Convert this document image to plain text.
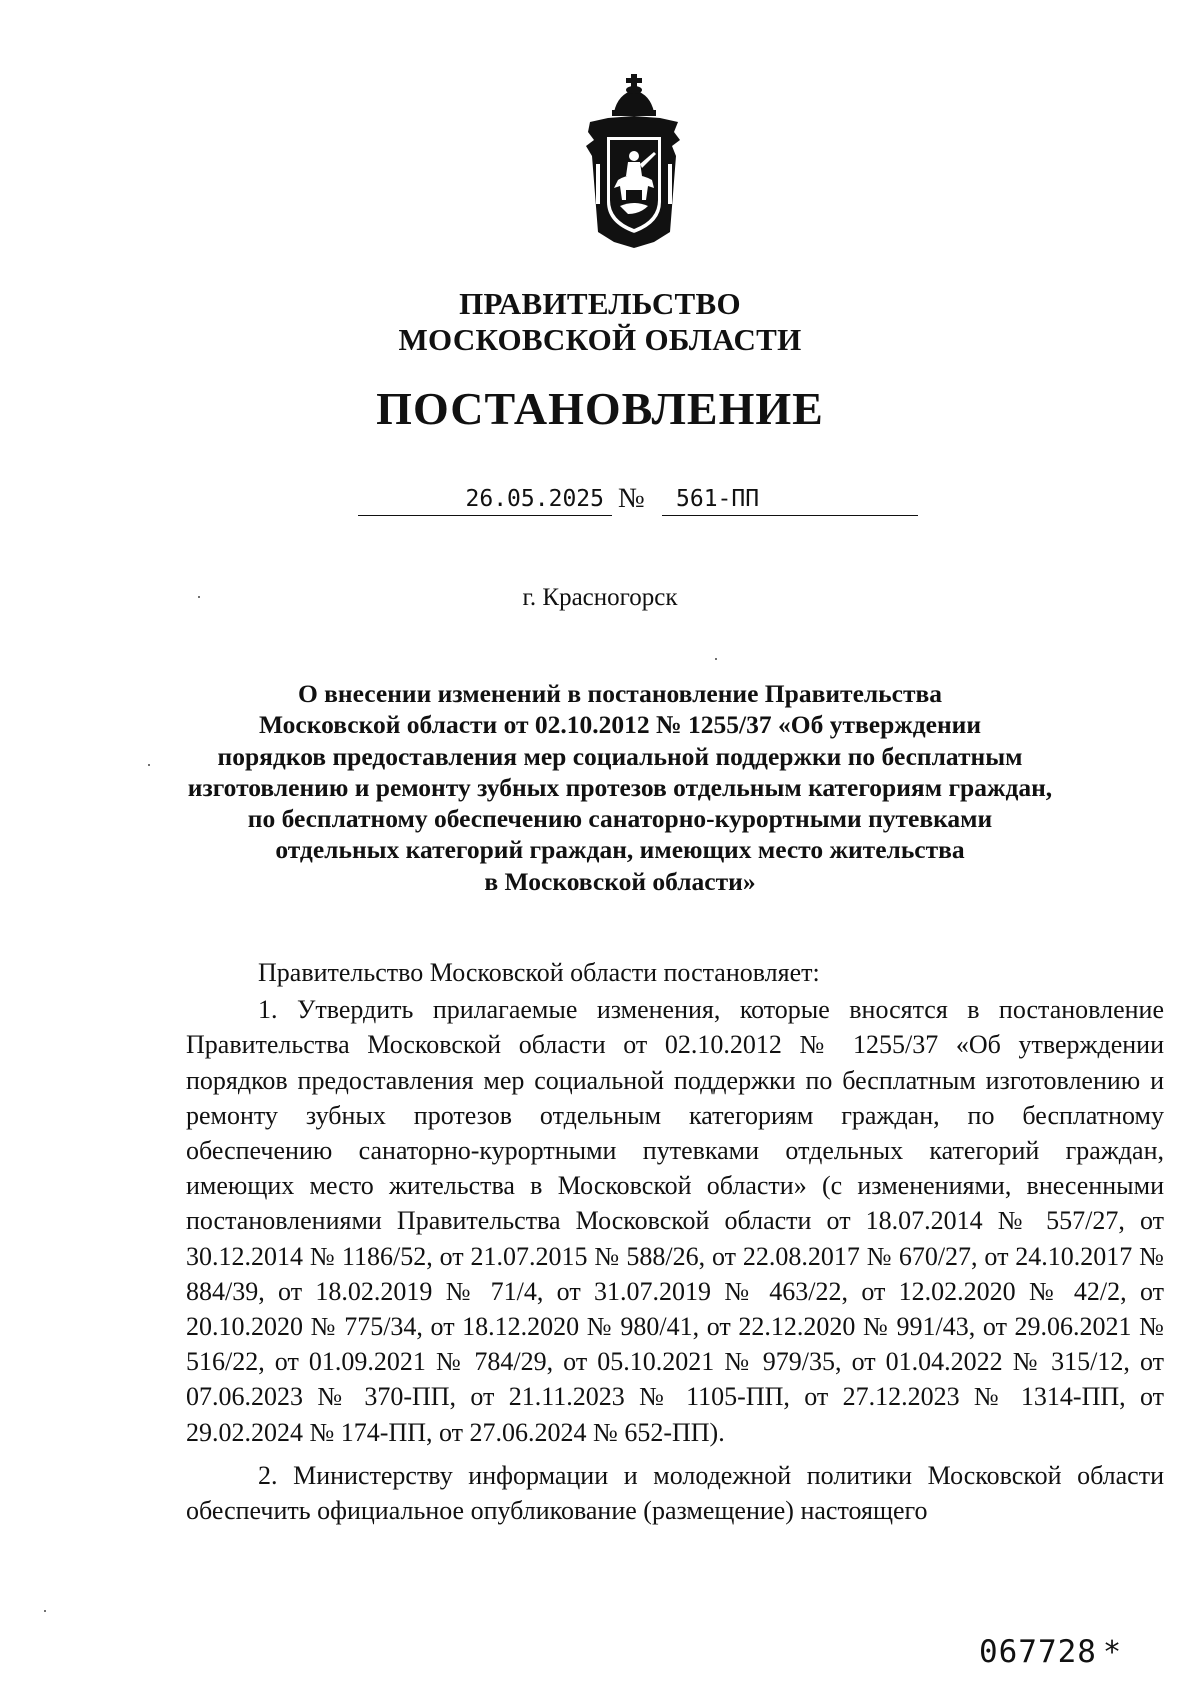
ПРАВИТЕЛЬСТВО
МОСКОВСКОЙ ОБЛАСТИ
ПОСТАНОВЛЕНИЕ
26.05.2025 №	561-ПП
г. Красногорск
О внесении изменений в постановление Правительства
Московской области от 02.10.2012 № 1255/37 «Об утверждении
порядков предоставления мер социальной поддержки по бесплатным
изготовлению и ремонту зубных протезов отдельным категориям граждан,
по бесплатному обеспечению санаторно-курортными путевками
отдельных категорий граждан, имеющих место жительства
в Московской области»

Правительство Московской области постановляет:

1. Утвердить прилагаемые изменения, которые вносятся в постановление Правительства Московской области от 02.10.2012 № 1255/37 «Об утверждении порядков предоставления мер социальной поддержки по бесплатным изготовлению и ремонту зубных протезов отдельным категориям граждан, по бесплатному обеспечению санаторно-курортными путевками отдельных категорий граждан, имеющих место жительства в Московской области» (с изменениями, внесенными постановлениями Правительства Московской области от 18.07.2014 № 557/27, от 30.12.2014 № 1186/52, от 21.07.2015 № 588/26, от 22.08.2017 № 670/27, от 24.10.2017 № 884/39, от 18.02.2019 № 71/4, от 31.07.2019 № 463/22, от 12.02.2020 № 42/2, от 20.10.2020 № 775/34, от 18.12.2020 № 980/41, от 22.12.2020 № 991/43, от 29.06.2021 № 516/22, от 01.09.2021 № 784/29, от 05.10.2021 № 979/35, от 01.04.2022 № 315/12, от 07.06.2023 № 370-ПП, от 21.11.2023 № 1105-ПП, от 27.12.2023 № 1314-ПП, от 29.02.2024 № 174-ПП, от 27.06.2024 № 652-ПП).

2. Министерству информации и молодежной политики Московской области обеспечить официальное опубликование (размещение) настоящего

067728 *
